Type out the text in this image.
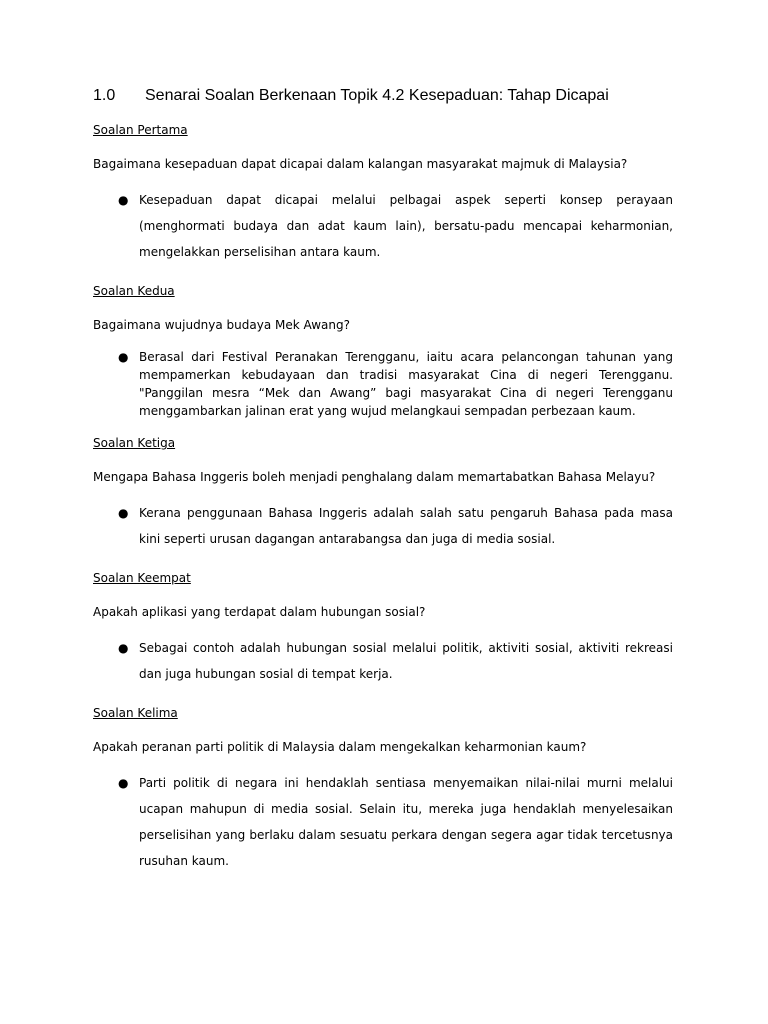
1.0 Senarai Soalan Berkenaan Topik 4.2 Kesepaduan: Tahap Dicapai
Soalan Pertama
Bagaimana kesepaduan dapat dicapai dalam kalangan masyarakat majmuk di Malaysia?
● Kesepaduan dapat dicapai melalui pelbagai aspek seperti konsep perayaan (menghormati budaya dan adat kaum lain), bersatu-padu mencapai keharmonian, mengelakkan perselisihan antara kaum.
Soalan Kedua
Bagaimana wujudnya budaya Mek Awang?
● Berasal dari Festival Peranakan Terengganu, iaitu acara pelancongan tahunan yang mempamerkan kebudayaan dan tradisi masyarakat Cina di negeri Terengganu. "Panggilan mesra “Mek dan Awang” bagi masyarakat Cina di negeri Terengganu menggambarkan jalinan erat yang wujud melangkaui sempadan perbezaan kaum.
Soalan Ketiga
Mengapa Bahasa Inggeris boleh menjadi penghalang dalam memartabatkan Bahasa Melayu?
● Kerana penggunaan Bahasa Inggeris adalah salah satu pengaruh Bahasa pada masa kini seperti urusan dagangan antarabangsa dan juga di media sosial.
Soalan Keempat
Apakah aplikasi yang terdapat dalam hubungan sosial?
● Sebagai contoh adalah hubungan sosial melalui politik, aktiviti sosial, aktiviti rekreasi dan juga hubungan sosial di tempat kerja.
Soalan Kelima
Apakah peranan parti politik di Malaysia dalam mengekalkan keharmonian kaum?
● Parti politik di negara ini hendaklah sentiasa menyemaikan nilai-nilai murni melalui ucapan mahupun di media sosial. Selain itu, mereka juga hendaklah menyelesaikan perselisihan yang berlaku dalam sesuatu perkara dengan segera agar tidak tercetusnya rusuhan kaum.
